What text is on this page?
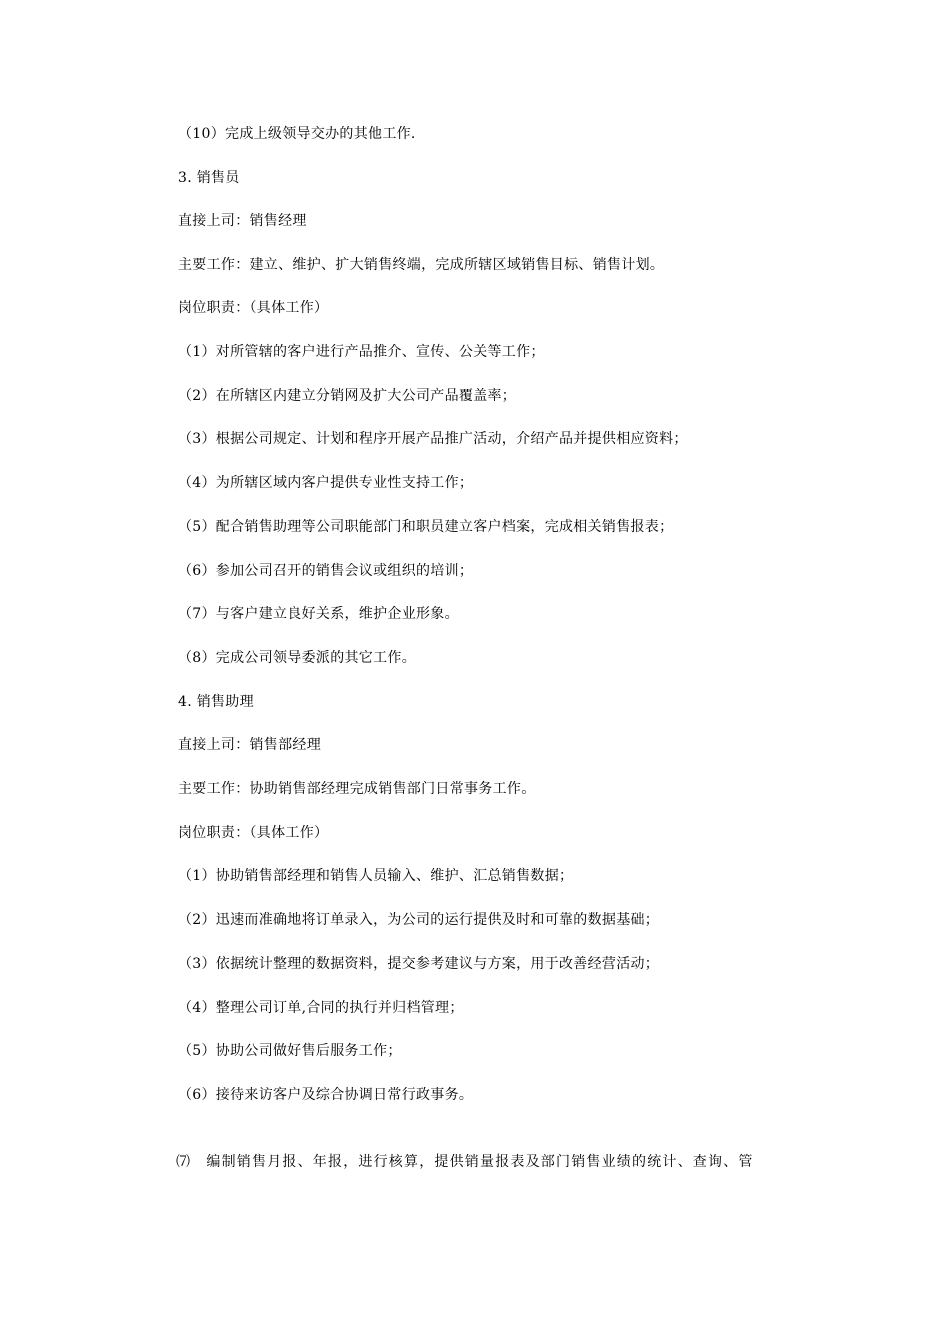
（10）完成上级领导交办的其他工作.
3. 销售员
直接上司：销售经理
主要工作：建立、维护、扩大销售终端，完成所辖区域销售目标、销售计划。
岗位职责：（具体工作）
（1）对所管辖的客户进行产品推介、宣传、公关等工作；
（2）在所辖区内建立分销网及扩大公司产品覆盖率；
（3）根据公司规定、计划和程序开展产品推广活动，介绍产品并提供相应资料；
（4）为所辖区域内客户提供专业性支持工作；
（5）配合销售助理等公司职能部门和职员建立客户档案，完成相关销售报表；
（6）参加公司召开的销售会议或组织的培训；
（7）与客户建立良好关系，维护企业形象。
（8）完成公司领导委派的其它工作。
4. 销售助理
直接上司：销售部经理
主要工作：协助销售部经理完成销售部门日常事务工作。
岗位职责：（具体工作）
（1）协助销售部经理和销售人员输入、维护、汇总销售数据；
（2）迅速而准确地将订单录入，为公司的运行提供及时和可靠的数据基础；
（3）依据统计整理的数据资料，提交参考建议与方案，用于改善经营活动；
（4）整理公司订单,合同的执行并归档管理；
（5）协助公司做好售后服务工作；
（6）接待来访客户及综合协调日常行政事务。
⑺　编制销售月报、年报，进行核算，提供销量报表及部门销售业绩的统计、查询、管
